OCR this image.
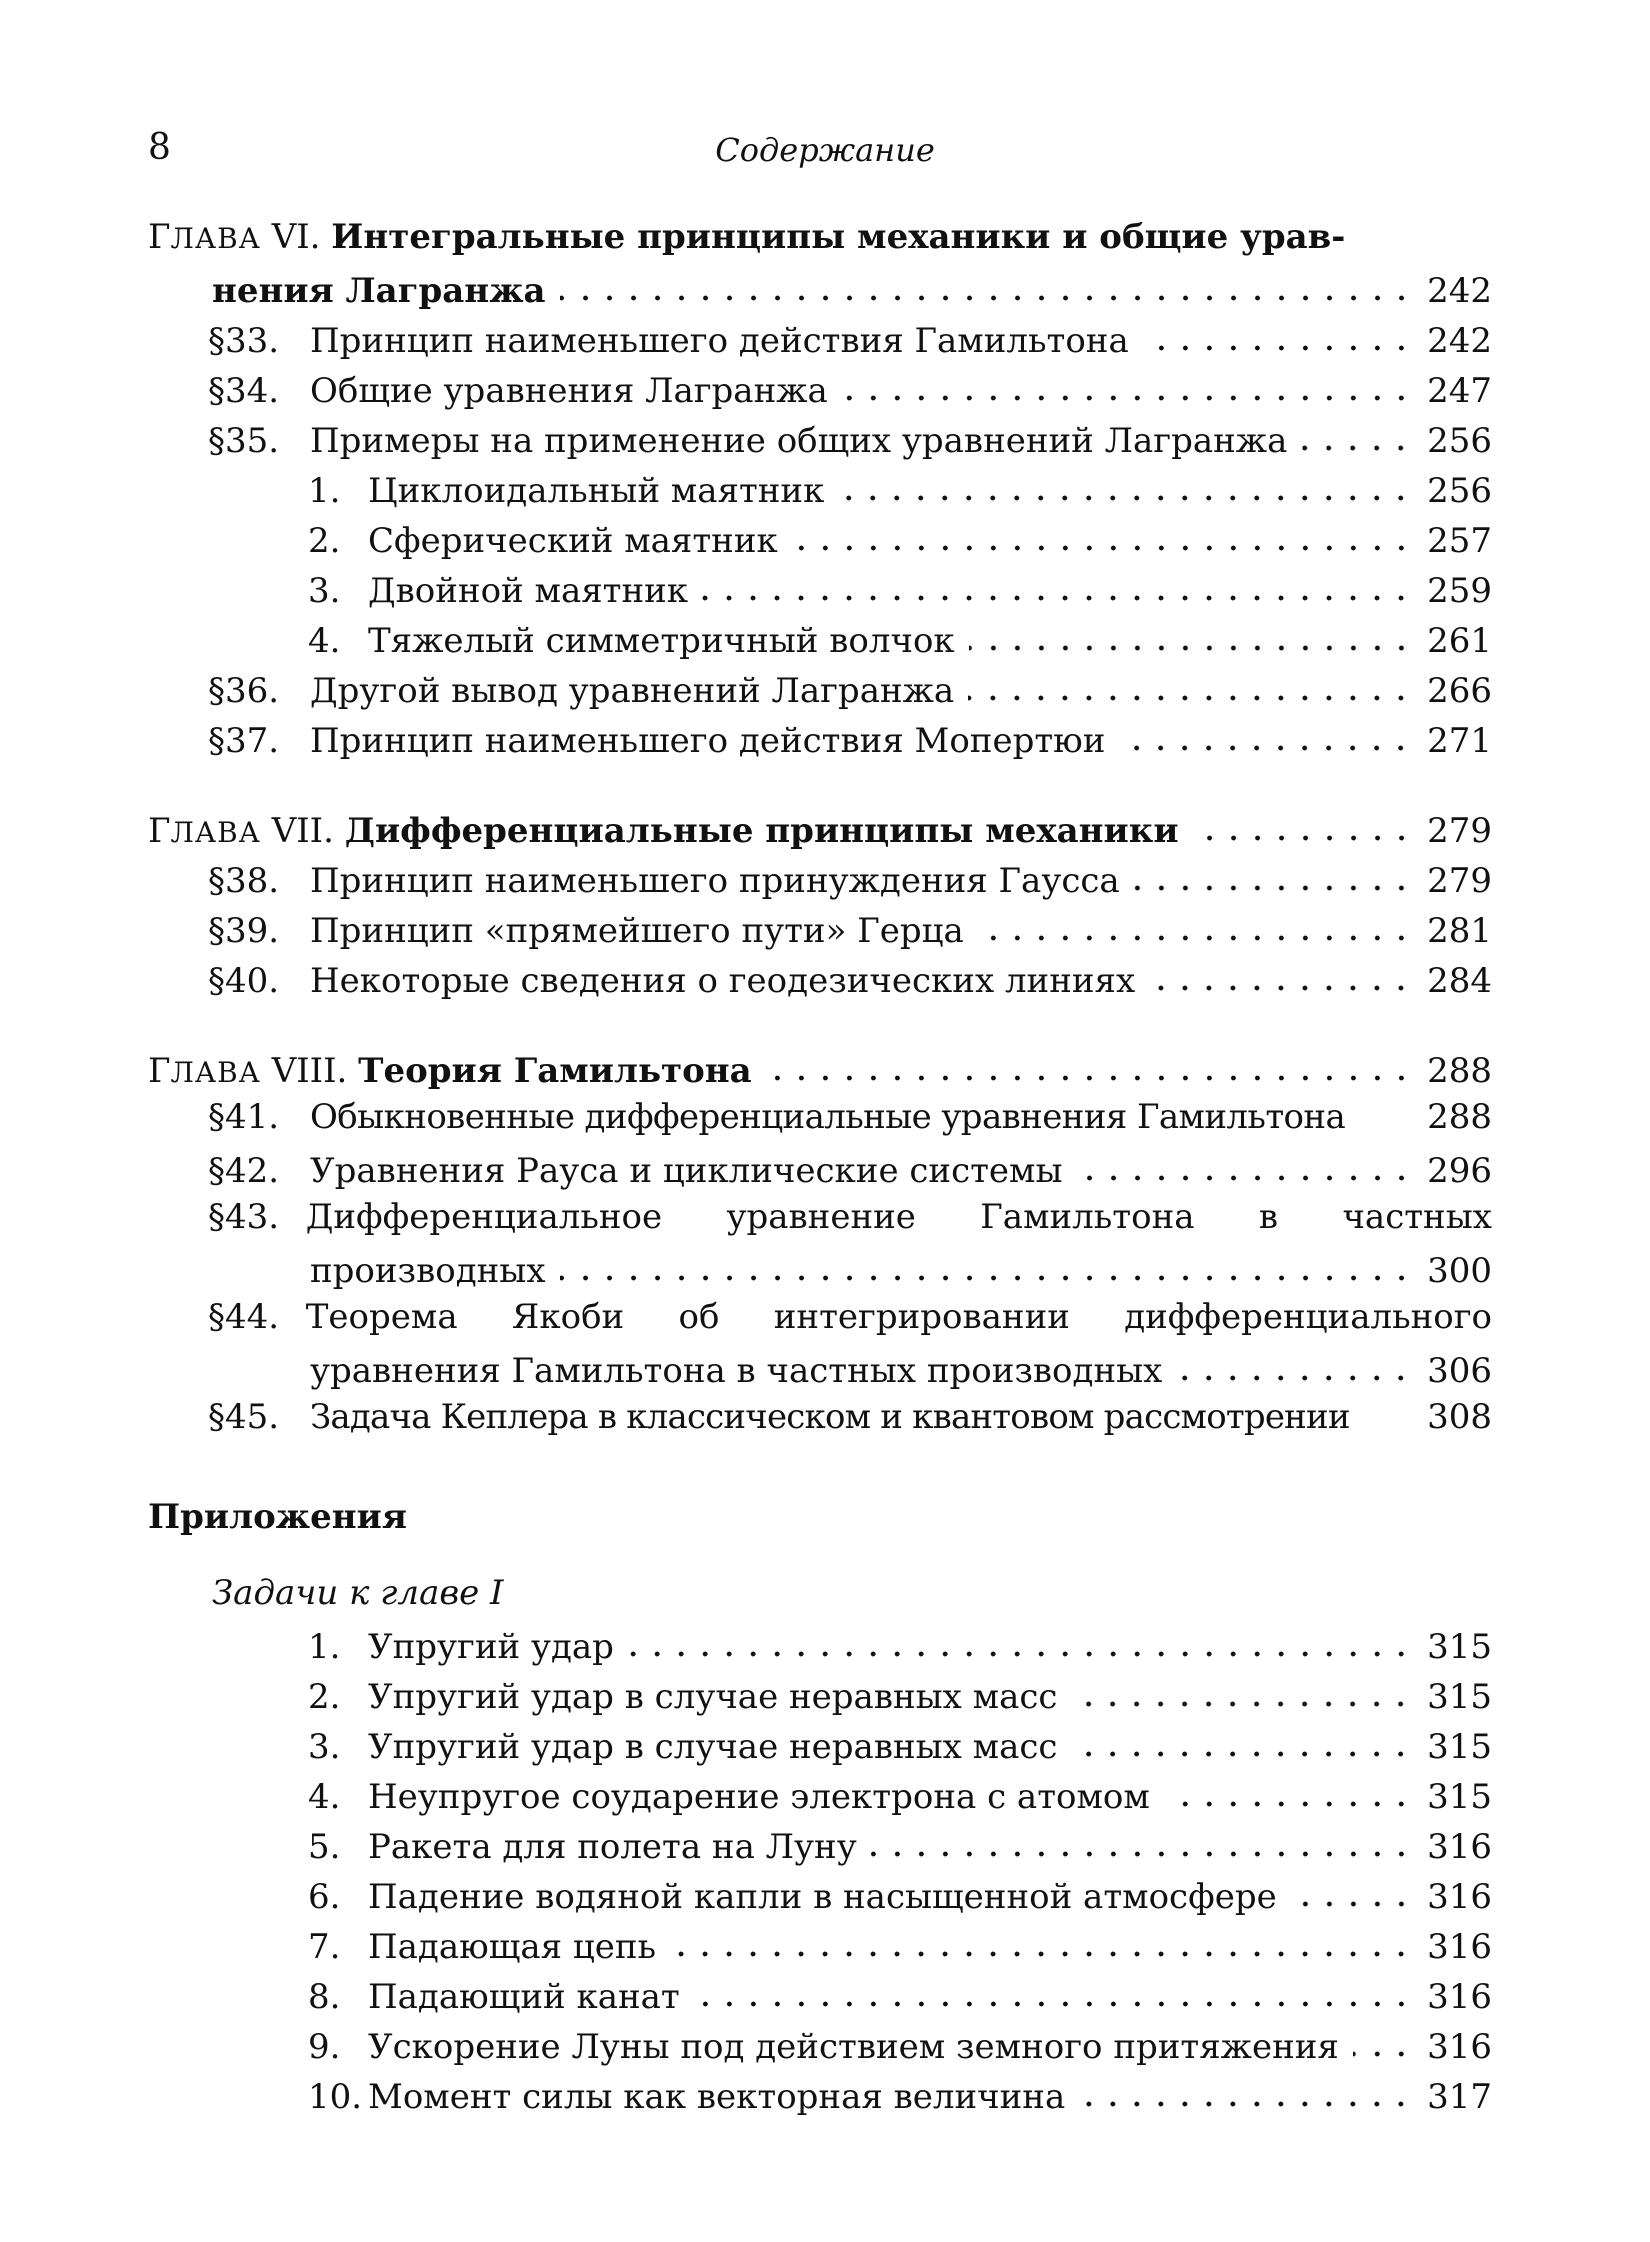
8	Содержание
ГЛАВА VI. Интегральные принципы механики и общие урав-
нения Лагранжа	242
§33. Принцип наименьшего действия Гамильтона	242
§34. Общие уравнения Лагранжа	247
§35. Примеры на применение общих уравнений Лагранжа	256
1. Циклоидальный маятник	256
2. Сферический маятник	257
3. Двойной маятник	259
4. Тяжелый симметричный волчок	261
§36. Другой вывод уравнений Лагранжа	266
§37. Принцип наименьшего действия Мопертюи	271
ГЛАВА VII. Дифференциальные принципы механики	279
§38. Принцип наименьшего принуждения Гаусса	279
§39. Принцип «прямейшего пути» Герца	281
§40. Некоторые сведения о геодезических линиях	284
ГЛАВА VIII. Теория Гамильтона	288
§41. Обыкновенные дифференциальные уравнения Гамильтона 288
§42. Уравнения Рауса и циклические системы	296
§43. Дифференциальное уравнение Гамильтона в частных
производных	300
§44. Теорема Якоби об интегрировании дифференциального
уравнения Гамильтона в частных производных	306
§45. Задача Кеплера в классическом и квантовом рассмотрении 308
Приложения
Задачи к главе I
1. Упругий удар	315
2. Упругий удар в случае неравных масс	315
3. Упругий удар в случае неравных масс	315
4. Неупругое соударение электрона с атомом	315
5. Ракета для полета на Луну	316
6. Падение водяной капли в насыщенной атмосфере	316
7. Падающая цепь	316
8. Падающий канат	316
9. Ускорение Луны под действием земного притяжения	316
10. Момент силы как векторная величина	317
